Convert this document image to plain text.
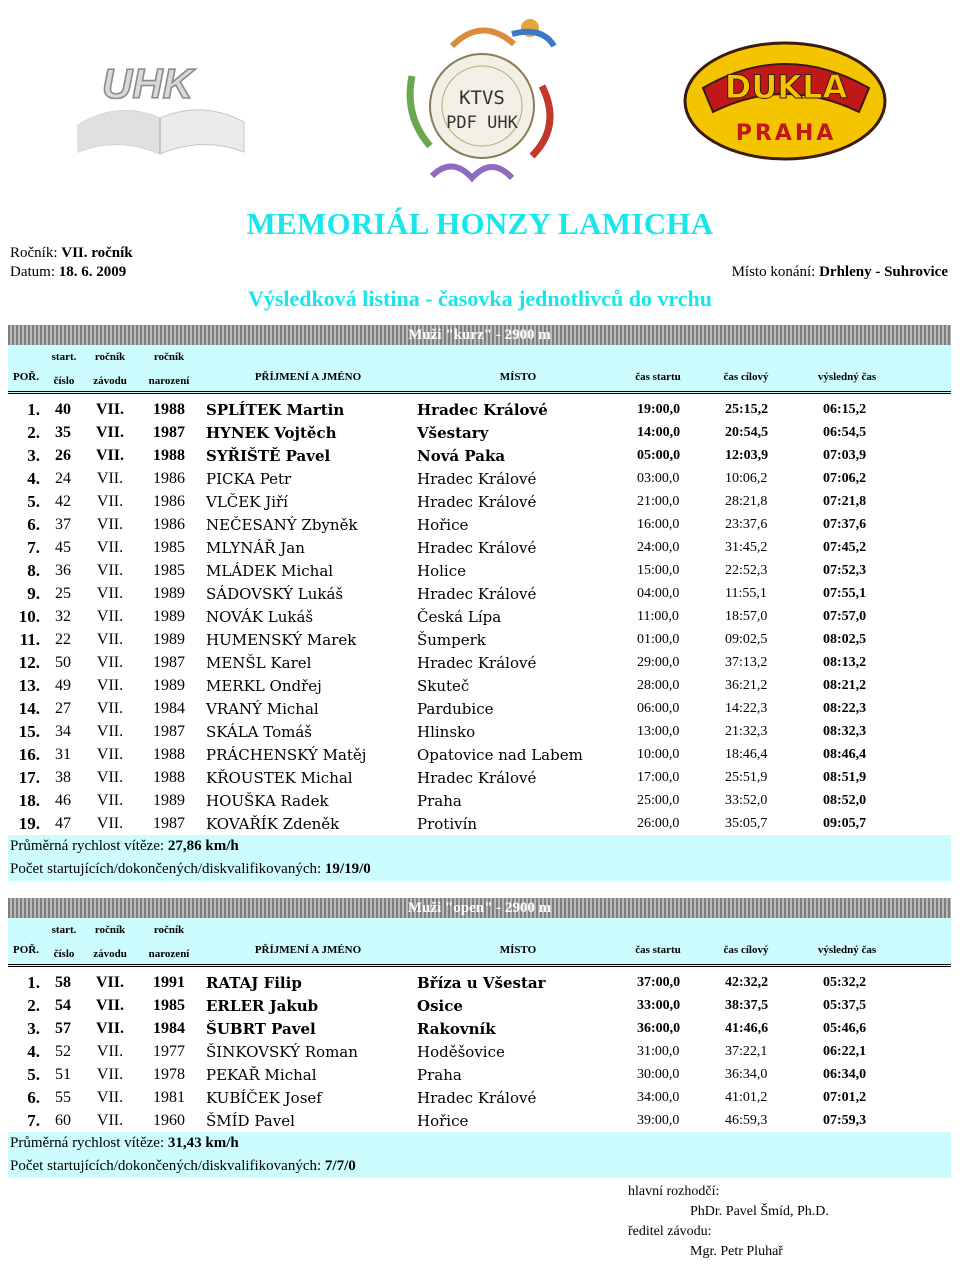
UHK	KTVS
PDF UHK
DUKLA
PRAHA
MEMORIÁL HONZY LAMICHA
Ročník: VII. ročník
Datum: 18. 6. 2009	Místo konání: Drhleny - Suhrovice
Výsledková listina - časovka jednotlivců do vrchu
Muži "kurz" - 2900 m
POŘ.
start.
číslo
ročník
závodu
ročník
narození	PŘÍJMENÍ A JMÉNO	MÍSTO	čas startu	čas cílový	výsledný čas
1. 40	VII.	1988	SPLÍTEK Martin	Hradec Králové	19:00,0	25:15,2	06:15,2
2. 35	VII.	1987	HYNEK Vojtěch	Všestary	14:00,0	20:54,5	06:54,5
3. 26	VII.	1988	SYŘIŠTĚ Pavel	Nová Paka	05:00,0	12:03,9	07:03,9
4. 24	VII.	1986	PICKA Petr	Hradec Králové	03:00,0	10:06,2	07:06,2
5. 42	VII.	1986	VLČEK Jiří	Hradec Králové	21:00,0	28:21,8	07:21,8
6. 37	VII.	1986	NEČESANÝ Zbyněk	Hořice	16:00,0	23:37,6	07:37,6
7. 45	VII.	1985	MLYNÁŘ Jan	Hradec Králové	24:00,0	31:45,2	07:45,2
8. 36	VII.	1985	MLÁDEK Michal	Holice	15:00,0	22:52,3	07:52,3
9. 25	VII.	1989	SÁDOVSKÝ Lukáš	Hradec Králové	04:00,0	11:55,1	07:55,1
10. 32	VII.	1989	NOVÁK Lukáš	Česká Lípa	11:00,0	18:57,0	07:57,0
11. 22	VII.	1989	HUMENSKÝ Marek	Šumperk	01:00,0	09:02,5	08:02,5
12. 50	VII.	1987	MENŠL Karel	Hradec Králové	29:00,0	37:13,2	08:13,2
13. 49	VII.	1989	MERKL Ondřej	Skuteč	28:00,0	36:21,2	08:21,2
14. 27	VII.	1984	VRANÝ Michal	Pardubice	06:00,0	14:22,3	08:22,3
15. 34	VII.	1987	SKÁLA Tomáš	Hlinsko	13:00,0	21:32,3	08:32,3
16. 31	VII.	1988	PRÁCHENSKÝ Matěj	Opatovice nad Labem	10:00,0	18:46,4	08:46,4
17. 38	VII.	1988	KŘOUSTEK Michal	Hradec Králové	17:00,0	25:51,9	08:51,9
18. 46	VII.	1989	HOUŠKA Radek	Praha	25:00,0	33:52,0	08:52,0
19. 47	VII.	1987	KOVAŘÍK Zdeněk	Protivín	26:00,0	35:05,7	09:05,7
Průměrná rychlost vítěze: 27,86 km/h
Počet startujících/dokončených/diskvalifikovaných: 19/19/0
Muži "open" - 2900 m
POŘ.
start.
číslo
ročník
závodu
ročník
narození	PŘÍJMENÍ A JMÉNO	MÍSTO	čas startu	čas cílový	výsledný čas
1. 58	VII.	1991	RATAJ Filip	Bříza u Všestar	37:00,0	42:32,2	05:32,2
2. 54	VII.	1985	ERLER Jakub	Osice	33:00,0	38:37,5	05:37,5
3. 57	VII.	1984	ŠUBRT Pavel	Rakovník	36:00,0	41:46,6	05:46,6
4. 52	VII.	1977	ŠINKOVSKÝ Roman	Hoděšovice	31:00,0	37:22,1	06:22,1
5. 51	VII.	1978	PEKAŘ Michal	Praha	30:00,0	36:34,0	06:34,0
6. 55	VII.	1981	KUBÍČEK Josef	Hradec Králové	34:00,0	41:01,2	07:01,2
7. 60	VII.	1960	ŠMÍD Pavel	Hořice	39:00,0	46:59,3	07:59,3
Průměrná rychlost vítěze: 31,43 km/h
Počet startujících/dokončených/diskvalifikovaných: 7/7/0
hlavní rozhodčí:
PhDr. Pavel Šmíd, Ph.D.
ředitel závodu:
Mgr. Petr Pluhař
